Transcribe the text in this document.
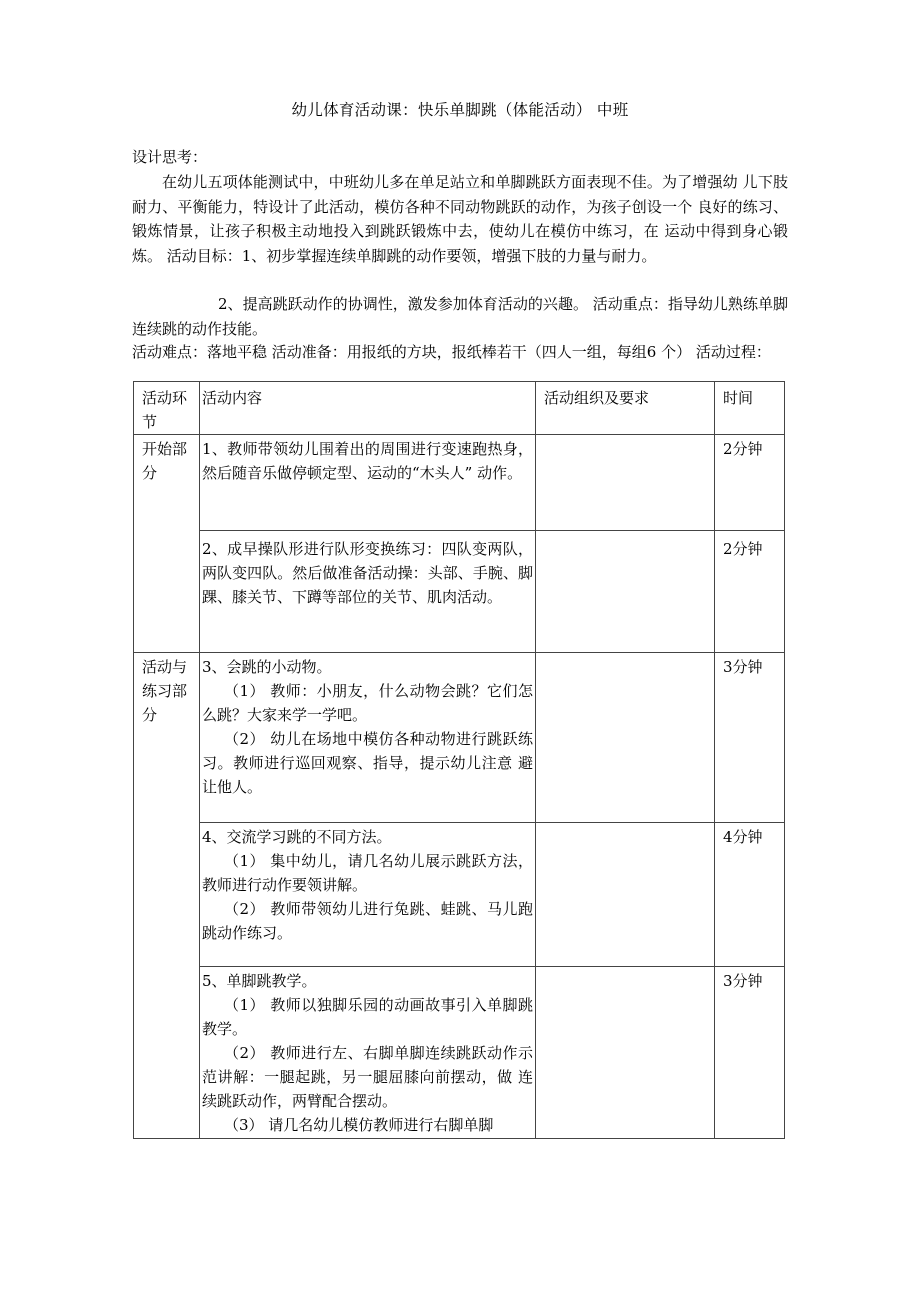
幼儿体育活动课：快乐单脚跳（体能活动） 中班

设计思考：

在幼儿五项体能测试中，中班幼儿多在单足站立和单脚跳跃方面表现不佳。为了增强幼 儿下肢耐力、平衡能力，特设计了此活动，模仿各种不同动物跳跃的动作，为孩子创设一个 良好的练习、锻炼情景，让孩子积极主动地投入到跳跃锻炼中去，使幼儿在模仿中练习，在 运动中得到身心锻炼。 活动目标：1、初步掌握连续单脚跳的动作要领，增强下肢的力量与耐力。

2、提高跳跃动作的协调性，激发参加体育活动的兴趣。 活动重点：指导幼儿熟练单脚连续跳的动作技能。

活动难点：落地平稳 活动准备：用报纸的方块，报纸棒若干（四人一组，每组6 个） 活动过程：

活动环节	活动内容	活动组织及要求	时间
开始部分	1、教师带领幼儿围着出的周围进行变速跑热身，然后随音乐做停顿定型、运动的“木头人” 动作。		2分钟
	2、成早操队形进行队形变换练习：四队变两队，两队变四队。然后做准备活动操：头部、手腕、脚踝、膝关节、下蹲等部位的关节、肌肉活动。		2分钟
活动与练习部分	3、会跳的小动物。
（1） 教师：小朋友，什么动物会跳？它们怎 么跳？大家来学一学吧。
（2） 幼儿在场地中模仿各种动物进行跳跃练 习。教师进行巡回观察、指导，提示幼儿注意 避让他人。		3分钟

	4、交流学习跳的不同方法。
（1） 集中幼儿，请几名幼儿展示跳跃方法， 教师进行动作要领讲解。
（2） 教师带领幼儿进行兔跳、蛙跳、马儿跑 跳动作练习。		4分钟

	5、单脚跳教学。
（1） 教师以独脚乐园的动画故事引入单脚跳 教学。
（2） 教师进行左、右脚单脚连续跳跃动作示 范讲解：一腿起跳，另一腿屈膝向前摆动，做 连续跳跃动作，两臂配合摆动。
（3） 请几名幼儿模仿教师进行右脚单脚		3分钟
